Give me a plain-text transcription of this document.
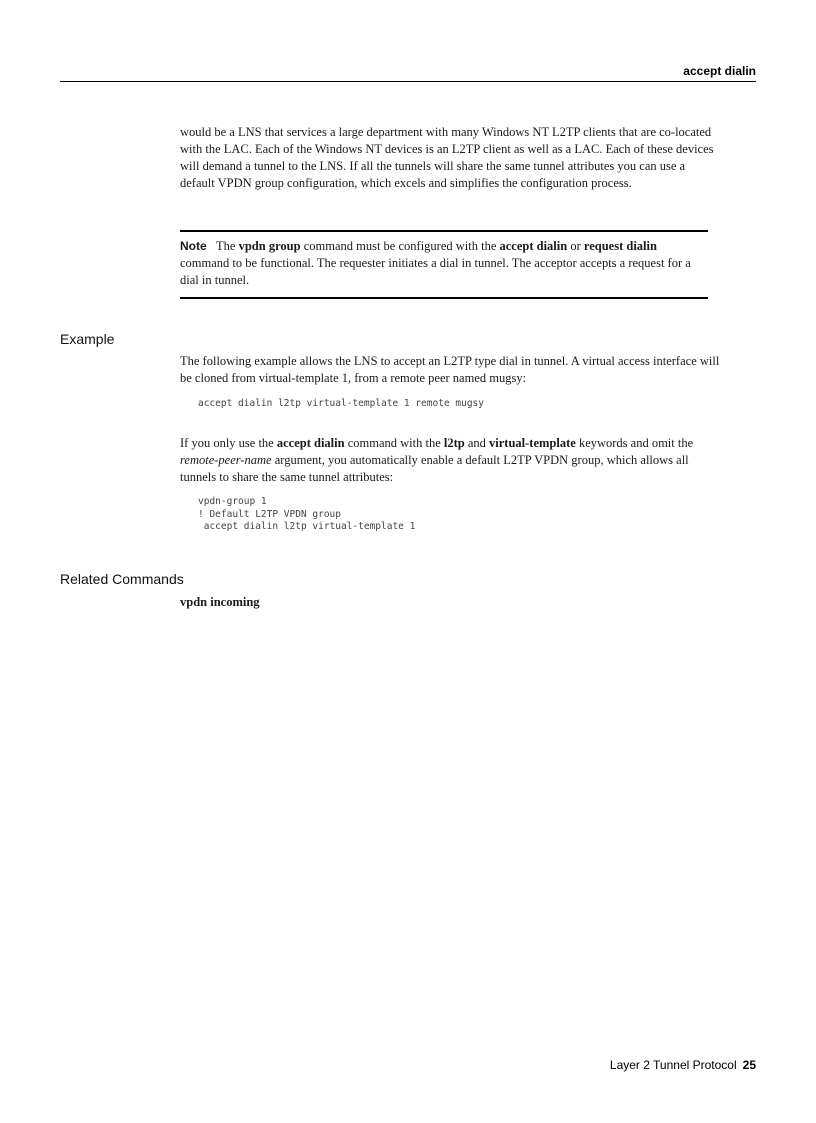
accept dialin

would be a LNS that services a large department with many Windows NT L2TP clients that are co-located with the LAC. Each of the Windows NT devices is an L2TP client as well as a LAC. Each of these devices will demand a tunnel to the LNS. If all the tunnels will share the same tunnel attributes you can use a default VPDN group configuration, which excels and simplifies the configuration process.

Note The vpdn group command must be configured with the accept dialin or request dialin command to be functional. The requester initiates a dial in tunnel. The acceptor accepts a request for a dial in tunnel.

Example

The following example allows the LNS to accept an L2TP type dial in tunnel. A virtual access interface will be cloned from virtual-template 1, from a remote peer named mugsy:

accept dialin l2tp virtual-template 1 remote mugsy

If you only use the accept dialin command with the l2tp and virtual-template keywords and omit the remote-peer-name argument, you automatically enable a default L2TP VPDN group, which allows all tunnels to share the same tunnel attributes:

vpdn-group 1
! Default L2TP VPDN group
accept dialin l2tp virtual-template 1
Related Commands
vpdn incoming
Layer 2 Tunnel Protocol 25
